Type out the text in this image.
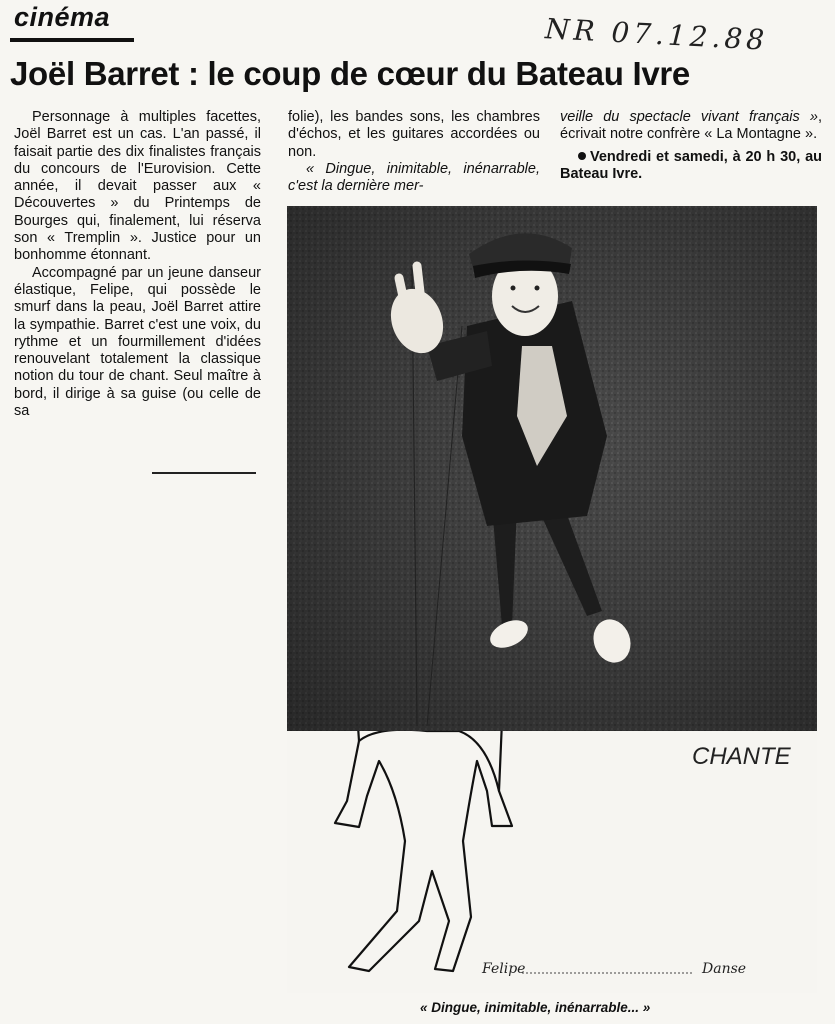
cinéma	NR 07.12.88
Joël Barret : le coup de cœur du Bateau Ivre

Personnage à multiples facettes, Joël Barret est un cas. L'an passé, il faisait partie des dix finalistes français du concours de l'Eurovision. Cette année, il devait passer aux « Découvertes » du Printemps de Bourges qui, finalement, lui réserva son « Tremplin ». Justice pour un bonhomme étonnant.

Accompagné par un jeune danseur élastique, Felipe, qui possède le smurf dans la peau, Joël Barret attire la sympathie. Barret c'est une voix, du rythme et un fourmillement d'idées renouvelant totalement la classique notion du tour de chant. Seul maître à bord, il dirige à sa guise (ou celle de sa

folie), les bandes sons, les chambres d'échos, et les guitares accordées ou non.

« Dingue, inimitable, inénarrable, c'est la dernière mer-

veille du spectacle vivant français », écrivait notre confrère « La Montagne ».

Vendredi et samedi, à 20 h 30, au Bateau Ivre.

CHANTE
Felipe	Danse
« Dingue, inimitable, inénarrable... »
